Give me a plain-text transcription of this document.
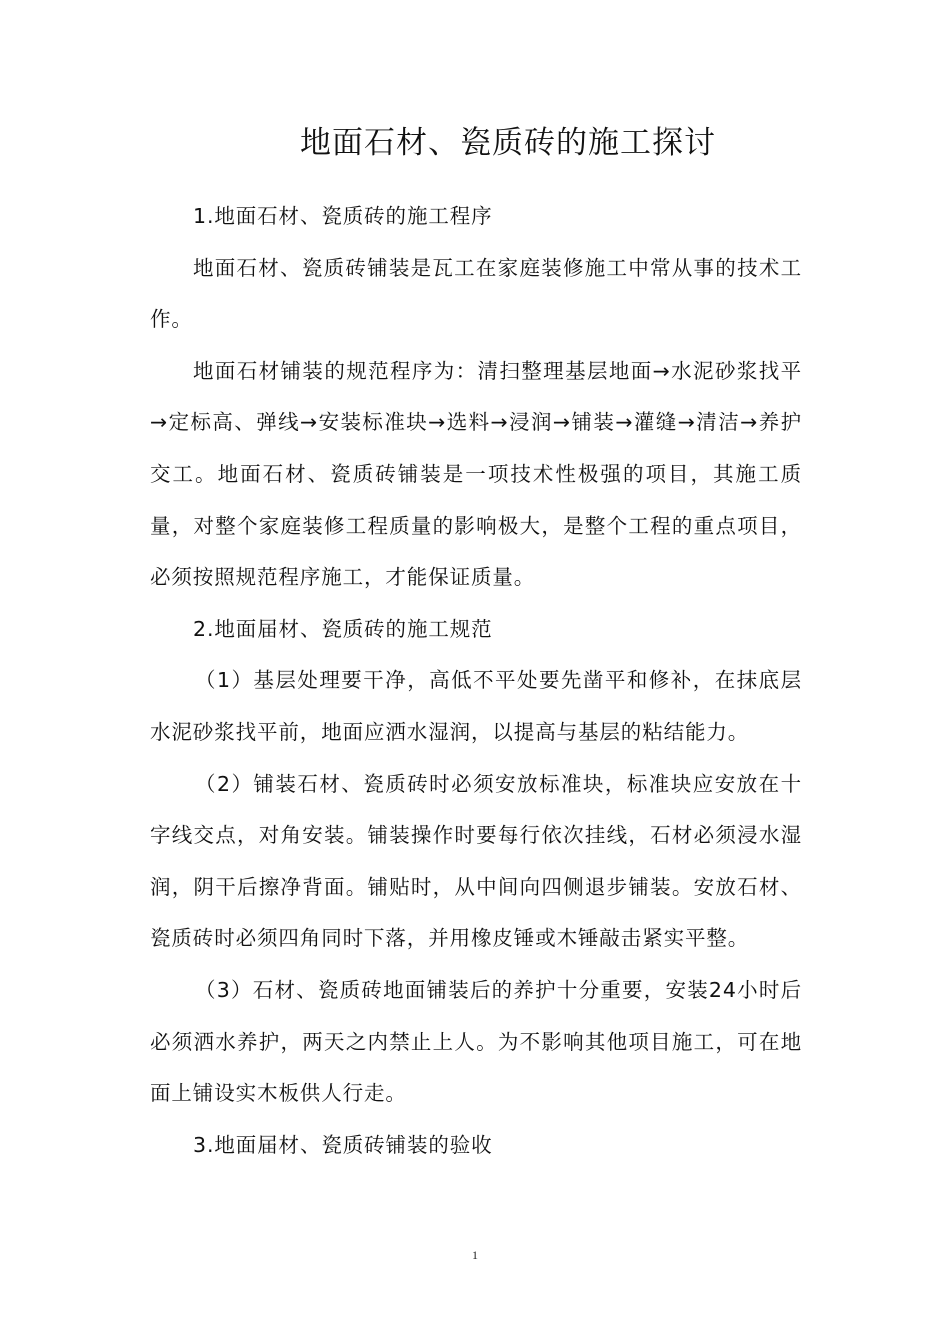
地面石材、瓷质砖的施工探讨

1.地面石材、瓷质砖的施工程序

地面石材、瓷质砖铺装是瓦工在家庭装修施工中常从事的技术工作。

地面石材铺装的规范程序为：清扫整理基层地面→水泥砂浆找平→定标高、弹线→安装标准块→选料→浸润→铺装→灌缝→清洁→养护交工。地面石材、瓷质砖铺装是一项技术性极强的项目，其施工质量，对整个家庭装修工程质量的影响极大，是整个工程的重点项目，必须按照规范程序施工，才能保证质量。

2.地面届材、瓷质砖的施工规范

（1）基层处理要干净，高低不平处要先凿平和修补，在抹底层水泥砂浆找平前，地面应洒水湿润，以提高与基层的粘结能力。

（2）铺装石材、瓷质砖时必须安放标准块，标准块应安放在十字线交点，对角安装。铺装操作时要每行依次挂线，石材必须浸水湿润，阴干后擦净背面。铺贴时，从中间向四侧退步铺装。安放石材、瓷质砖时必须四角同时下落，并用橡皮锤或木锤敲击紧实平整。

（3）石材、瓷质砖地面铺装后的养护十分重要，安装24小时后必须洒水养护，两天之内禁止上人。为不影响其他项目施工，可在地面上铺设实木板供人行走。

3.地面届材、瓷质砖铺装的验收

1
